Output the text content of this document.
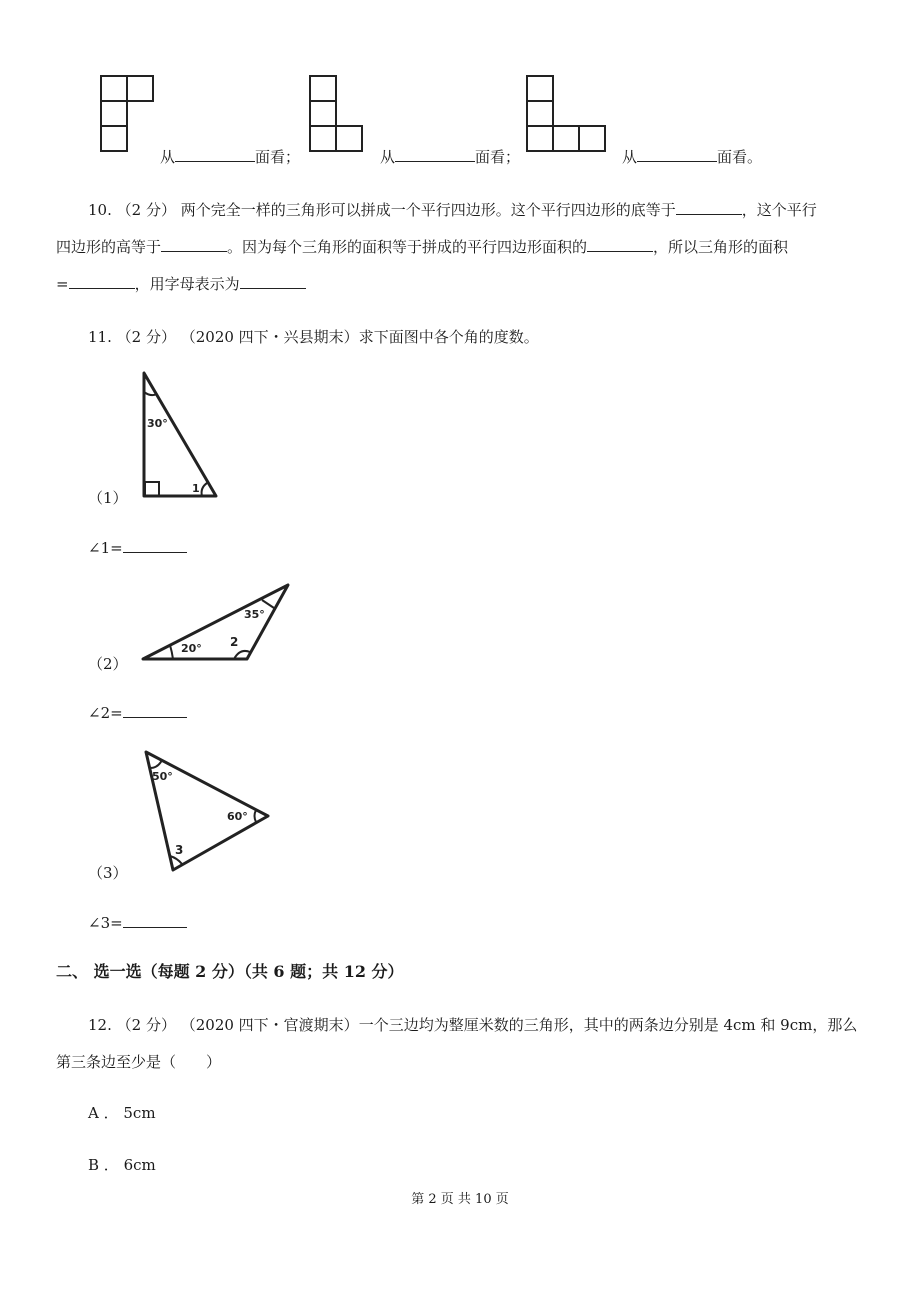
从	面看；	从	面看；	从	面看。
10. （2 分） 两个完全一样的三角形可以拼成一个平行四边形。这个平行四边形的底等于	，这个平行
四边形的高等于	。因为每个三角形的面积等于拼成的平行四边形面积的	，所以三角形的面积
=	，用字母表示为
11. （2 分） （2020 四下・兴县期末）求下面图中各个角的度数。
30°
1
（1）
∠1=
35°
20° 2
（2）
∠2=
50°
60°
3
（3）
∠3=
二、 选一选（每题 2 分）（共 6 题；共 12 分）
12. （2 分） （2020 四下・官渡期末）一个三边均为整厘米数的三角形，其中的两条边分别是 4cm 和 9cm，那么
第三条边至少是（　　）
A ． 5cm
B ． 6cm
第 2 页 共 10 页
